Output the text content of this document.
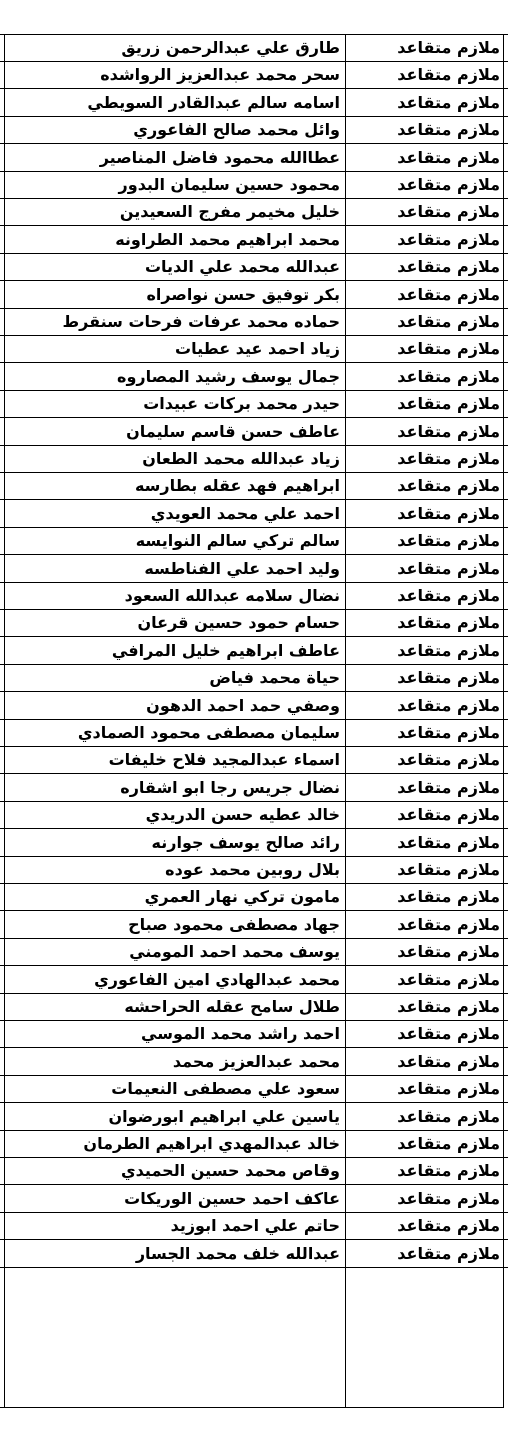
ملازم متقاعد
طارق علي عبدالرحمن زريق
ملازم متقاعد
سحر محمد عبدالعزيز الرواشده
ملازم متقاعد
اسامه سالم عبدالقادر السويطي
ملازم متقاعد
وائل محمد صالح الفاعوري
ملازم متقاعد
عطاالله محمود فاضل المناصير
ملازم متقاعد
محمود حسين سليمان البدور
ملازم متقاعد
خليل مخيمر مفرج السعيدين
ملازم متقاعد
محمد ابراهيم محمد الطراونه
ملازم متقاعد
عبدالله محمد علي الديات
ملازم متقاعد
بكر توفيق حسن نواصراه
ملازم متقاعد
حماده محمد عرفات فرحات سنقرط
ملازم متقاعد
زياد احمد عيد عطيات
ملازم متقاعد
جمال يوسف رشيد المصاروه
ملازم متقاعد
حيدر محمد بركات عبيدات
ملازم متقاعد
عاطف حسن قاسم سليمان
ملازم متقاعد
زياد عبدالله محمد الطعان
ملازم متقاعد
ابراهيم فهد عقله بطارسه
ملازم متقاعد
احمد علي محمد العويدي
ملازم متقاعد
سالم تركي سالم النوايسه
ملازم متقاعد
وليد احمد علي الفناطسه
ملازم متقاعد
نضال سلامه عبدالله السعود
ملازم متقاعد
حسام حمود حسين قرعان
ملازم متقاعد
عاطف ابراهيم خليل المرافي
ملازم متقاعد
حياة محمد فياض
ملازم متقاعد
وصفي حمد احمد الدهون
ملازم متقاعد
سليمان مصطفى محمود الصمادي
ملازم متقاعد
اسماء عبدالمجيد فلاح خليفات
ملازم متقاعد
نضال جريس رجا ابو اشقاره
ملازم متقاعد
خالد عطيه حسن الدريدي
ملازم متقاعد
رائد صالح يوسف جوارنه
ملازم متقاعد
بلال روبين محمد عوده
ملازم متقاعد
مامون تركي نهار العمري
ملازم متقاعد
جهاد مصطفى محمود صباح
ملازم متقاعد
يوسف محمد احمد المومني
ملازم متقاعد
محمد عبدالهادي امين الفاعوري
ملازم متقاعد
طلال سامح عقله الحراحشه
ملازم متقاعد
احمد راشد محمد الموسي
ملازم متقاعد
محمد عبدالعزيز محمد
ملازم متقاعد
سعود علي مصطفى النعيمات
ملازم متقاعد
ياسين علي ابراهيم ابورضوان
ملازم متقاعد
خالد عبدالمهدي ابراهيم الطرمان
ملازم متقاعد
وقاص محمد حسين الحميدي
ملازم متقاعد
عاكف احمد حسين الوريكات
ملازم متقاعد
حاتم علي احمد ابوزيد
ملازم متقاعد
عبدالله خلف محمد الجسار
